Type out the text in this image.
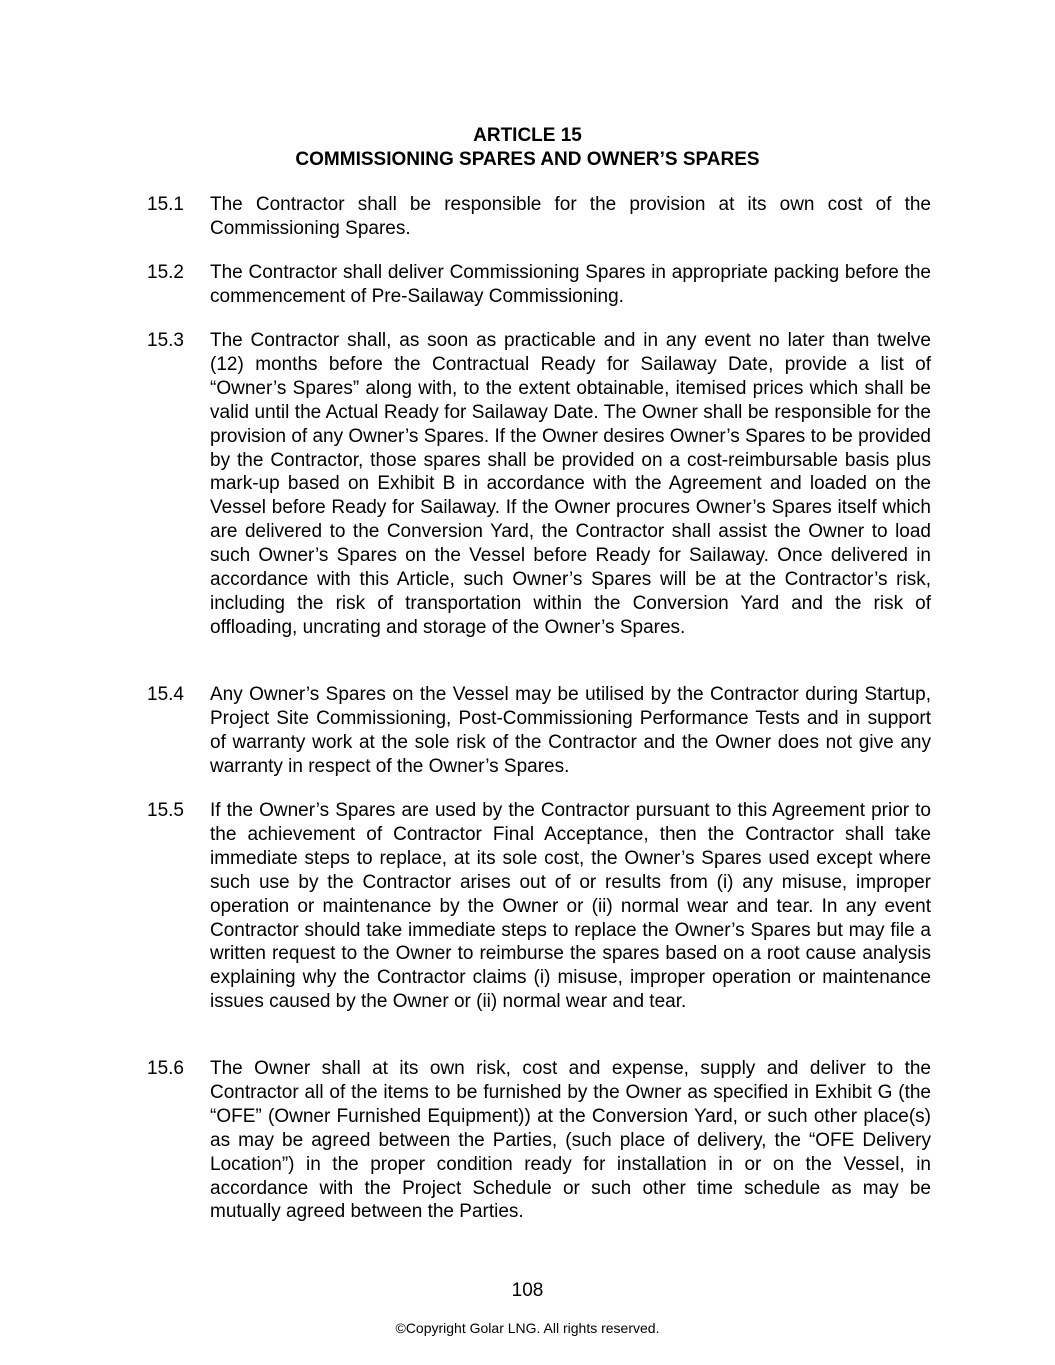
ARTICLE 15
COMMISSIONING SPARES AND OWNER’S SPARES
15.1 The Contractor shall be responsible for the provision at its own cost of the Commissioning Spares.
15.2 The Contractor shall deliver Commissioning Spares in appropriate packing before the commencement of Pre-Sailaway Commissioning.
15.3 The Contractor shall, as soon as practicable and in any event no later than twelve (12) months before the Contractual Ready for Sailaway Date, provide a list of “Owner’s Spares” along with, to the extent obtainable, itemised prices which shall be valid until the Actual Ready for Sailaway Date. The Owner shall be responsible for the provision of any Owner’s Spares. If the Owner desires Owner’s Spares to be provided by the Contractor, those spares shall be provided on a cost-reimbursable basis plus mark-up based on Exhibit B in accordance with the Agreement and loaded on the Vessel before Ready for Sailaway. If the Owner procures Owner’s Spares itself which are delivered to the Conversion Yard, the Contractor shall assist the Owner to load such Owner’s Spares on the Vessel before Ready for Sailaway. Once delivered in accordance with this Article, such Owner’s Spares will be at the Contractor’s risk, including the risk of transportation within the Conversion Yard and the risk of offloading, uncrating and storage of the Owner’s Spares.
15.4 Any Owner’s Spares on the Vessel may be utilised by the Contractor during Startup, Project Site Commissioning, Post-Commissioning Performance Tests and in support of warranty work at the sole risk of the Contractor and the Owner does not give any warranty in respect of the Owner’s Spares.
15.5 If the Owner’s Spares are used by the Contractor pursuant to this Agreement prior to the achievement of Contractor Final Acceptance, then the Contractor shall take immediate steps to replace, at its sole cost, the Owner’s Spares used except where such use by the Contractor arises out of or results from (i) any misuse, improper operation or maintenance by the Owner or (ii) normal wear and tear. In any event Contractor should take immediate steps to replace the Owner’s Spares but may file a written request to the Owner to reimburse the spares based on a root cause analysis explaining why the Contractor claims (i) misuse, improper operation or maintenance issues caused by the Owner or (ii) normal wear and tear.
15.6 The Owner shall at its own risk, cost and expense, supply and deliver to the Contractor all of the items to be furnished by the Owner as specified in Exhibit G (the “OFE” (Owner Furnished Equipment)) at the Conversion Yard, or such other place(s) as may be agreed between the Parties, (such place of delivery, the “OFE Delivery Location”) in the proper condition ready for installation in or on the Vessel, in accordance with the Project Schedule or such other time schedule as may be mutually agreed between the Parties.
108
©Copyright Golar LNG. All rights reserved.
